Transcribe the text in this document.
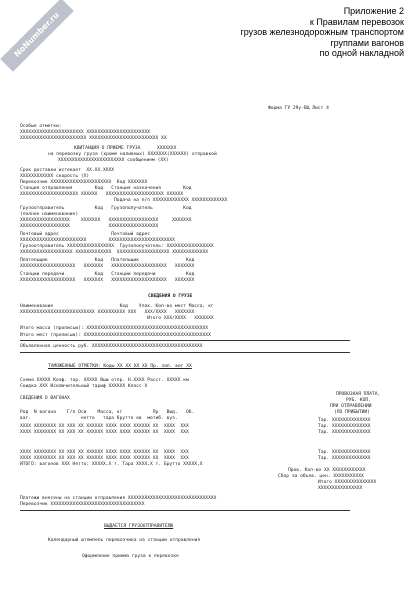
NoNumber.ru	Приложение 2
к Правилам перевозок
грузов железнодорожным транспортом
группами вагонов
по одной накладной
Форма ГУ 29у-ВЦ Лист 4
Особые отметки:
XXXXXXXXXXXXXXXXXXXXXXX XXXXXXXXXXXXXXXXXXXXXXX
XXXXXXXXXXXXXXXXXXXXXXXX XXXXXXXXXXXXXXXXXXXXXXXXX XX
КВИТАНЦИЯ О ПРИЕМЕ ГРУЗА      XXXXXXX
на перевозку груза (кроме наливных) XXXXXXX(XXXXXX) отправкой
XXXXXXXXXXXXXXXXXXXXXXXX сообщением (XX)
Срок доставки истекает  XX.XX.XXXX
XXXXXXXXXXXX скорость (X)
Перевозчик XXXXXXXXXXXXXXXXXXXXXX  Код XXXXXXX
Станция отправления        Код   Станция назначения        Код
XXXXXXXXXXXXXXXXXXXXX XXXXXX   XXXXXXXXXXXXXXXXXXXXX XXXXXX
Подача на п/п XXXXXXXXXXXXX XXXXXXXXXXXXX
Грузоотправитель           Код   Грузополучатель           Код
(полное наименование)
XXXXXXXXXXXXXXXXXX    XXXXXXX   XXXXXXXXXXXXXXXXXX     XXXXXXX
XXXXXXXXXXXXXXXXXX              XXXXXXXXXXXXXXXXXX
Почтовый адрес                   Почтовый адрес
XXXXXXXXXXXXXXXXXXXXXXXX        XXXXXXXXXXXXXXXXXXXXXXXX
Грузоотправитель XXXXXXXXXXXXXXXXX  Грузополучатель: XXXXXXXXXXXXXXXXX
XXXXXXXXXXXXXXXXXXX XXXXXXXXXXXXX  XXXXXXXXXXXXXXXXXXX XXXXXXXXXXXXX
Плательщик                 Код   Плательщик                 Код
XXXXXXXXXXXXXXXXXXXX   XXXXXXX   XXXXXXXXXXXXXXXXXXXX   XXXXXXX
Станции передачи           Код   Станции передачи           Код
XXXXXXXXXXXXXXXXXXXX   XXXXXXX   XXXXXXXXXXXXXXXXXXXX   XXXXXXX
СВЕДЕНИЯ О ГРУЗЕ
Наименование                        Код    Упак. Кол-во мест Масса, кг
XXXXXXXXXXXXXXXXXXXXXXXXXXX XXXXXXXXXX XXX   XXX/XXXX   XXXXXXX
Итого XXX/XXXX   XXXXXXX
Итого масса (прописью): XXXXXXXXXXXXXXXXXXXXXXXXXXXXXXXXXXXXXXXXXXXX
Итого мест (прописью): XXXXXXXXXXXXXXXXXXXXXXXXXXXXXXXXXXXXXXXXXXXXXX
Объявленная ценность руб. XXXXXXXXXXXXXXXXXXXXXXXXXXXXXXXXXXXXXXXX
ТАМОЖЕННЫЕ ОТМЕТКИ: Коды XX XX XX XX Пр. зап. вег XX
Схема XXXXX Коэф. тар. XXXXX Выш отпр. Н.XXXX Расст. XXXXX км
Скидка XXX Исключительный тариф XXXXXX Класс X
СВЕДЕНИЯ О ВАГОНАХ
Род  N вагона    Г/п Оси    Масса, кг           Пр   Вид.   Об.
ваг.                  нетто   тара брутто ов  мотиб. вуз.
XXXX XXXXXXXX XX XXX XX XXXXXX XXXX XXXX XXXXXX XX  XXXX  XXX
XXXX XXXXXXXX XX XXX XX XXXXXX XXXX XXXX XXXXXX XX  XXXX  XXX
XXXX XXXXXXXX XX XXX XX XXXXXX XXXX XXXX XXXXXX XX  XXXX  XXX
XXXX XXXXXXXX XX XXX XX XXXXXX XXXX XXXX XXXXXX XX  XXXX  XXX
ИТОГО: вагонов XXX Нетто: XXXXX,X т. Тара XXXX,X т. Брутто XXXXX,X
ПРОВОЗНАЯ ПЛАТА,
РУБ. КОП.
ПРИ ОТПРАВЛЕНИИ
(ПО ПРИБЫТИИ)
Тар. XXXXXXXXXXXXXX
Тар. XXXXXXXXXXXXXX
Тар. XXXXXXXXXXXXXX
Тар. XXXXXXXXXXXXXX
Тар. XXXXXXXXXXXXXX
Пров. Кол-во XX XXXXXXXXXXXX
Сбор за объяв. цен. XXXXXXXXXXX
Итого XXXXXXXXXXXXXXX
XXXXXXXXXXXXXXXX
Платежи внесены на станции отправления XXXXXXXXXXXXXXXXXXXXXXXXXXXXXXXX
Перевозчик XXXXXXXXXXXXXXXXXXXXXXXXXXXXXXXXXX
ВЫДАЕТСЯ ГРУЗООТПРАВИТЕЛЮ
Календарный штемпель перевозчика на станции отправления
Оформление приема груза к перевозке
